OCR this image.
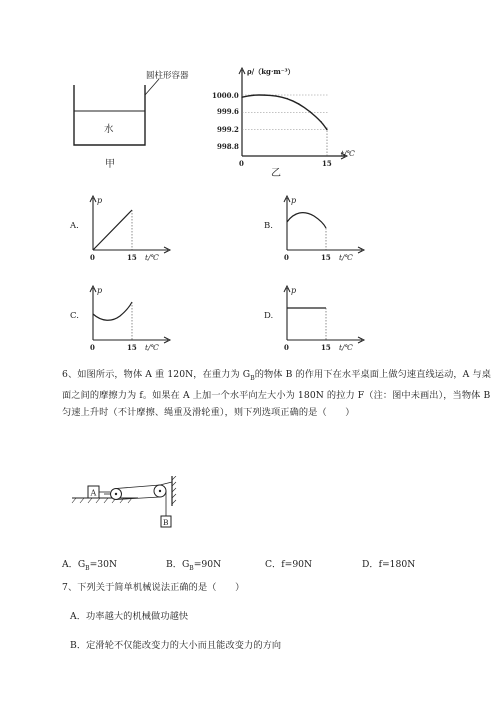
圆柱形容器
水
甲
ρ/（kg·m⁻³）
t/℃
1000.0
999.6
999.2
998.8
0	15
乙
A.
p
0	15 t/℃
B.
p
0	15 t/℃
C.
p
0	15 t/℃
D.
p
0	15 t/℃
6、如图所示，物体 A 重 120N，在重力为 $G_B$的物体 B 的作用下在水平桌面上做匀速直线运动，A 与桌
面之间的摩擦力为 f。如果在 A 上加一个水平向左大小为 180N 的拉力 F（注：图中未画出），当物体 B
匀速上升时（不计摩擦、绳重及滑轮重），则下列选项正确的是（　　）
A
B
A．$G_B=30N$	B．$G_B=90N$	C．f=90N	D．f=180N
7、下列关于简单机械说法正确的是（　　）
A．功率越大的机械做功越快
B．定滑轮不仅能改变力的大小而且能改变力的方向
